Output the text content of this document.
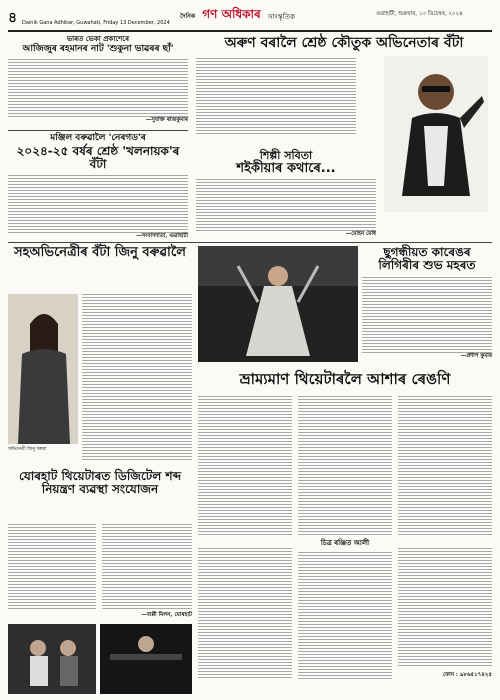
৪ Dainik Gana Adhikar, Guwahati, Friday 13 December, 2024
দৈনিক গণ অধিকাৰ সাংস্কৃতিক	গুৱাহাটী, শুক্ৰবাৰ, ১৩ ডিচেম্বৰ, ২০২৪
ভাৰত ভেকা প্ৰকাশেৰে
আজিজুৰ ৰহমানৰ নাট 'শুকুনা ভাৱৰৰ ছাঁ'
—সুবক্তি ৰাজকুমাৰ
মঞ্জিল বৰুৱালৈ 'নেৰগড'ৰ
২০২৪-২৫ বৰ্ষৰ শ্ৰেষ্ঠ 'খলনায়ক'ৰ বঁটা
—সংবাদদাতা, গুৱাহাটী
অৰুণ বৰালৈ শ্ৰেষ্ঠ কৌতুক অভিনেতাৰ বঁটা
শিল্পী সবিতা
শইকীয়াৰ কথাৰে...
—মোহন মেধি
সহঅভিনেত্ৰীৰ বঁটা জিনু বৰুৱালৈ
অভিনেত্ৰী জিনু বৰুৱা
ছুগন্ধীয়ত কাৰেঙৰ লিগিৰীৰ শুভ মহৰত
—প্ৰদীপ কুমাৰ
ভ্ৰাম্যমাণ থিয়েটাৰলৈ আশাৰ ৰেঙণি
চিত্ৰ ৰঞ্জিত আলী
ফোন : ৯৮৬৫১৭৪২৫
যোৰহাট থিয়েটাৰত ডিজিটেল শব্দ নিয়ন্ত্ৰণ ব্যৱস্থা সংযোজন
—বাপ্পী মিলন, যোৰহাট
